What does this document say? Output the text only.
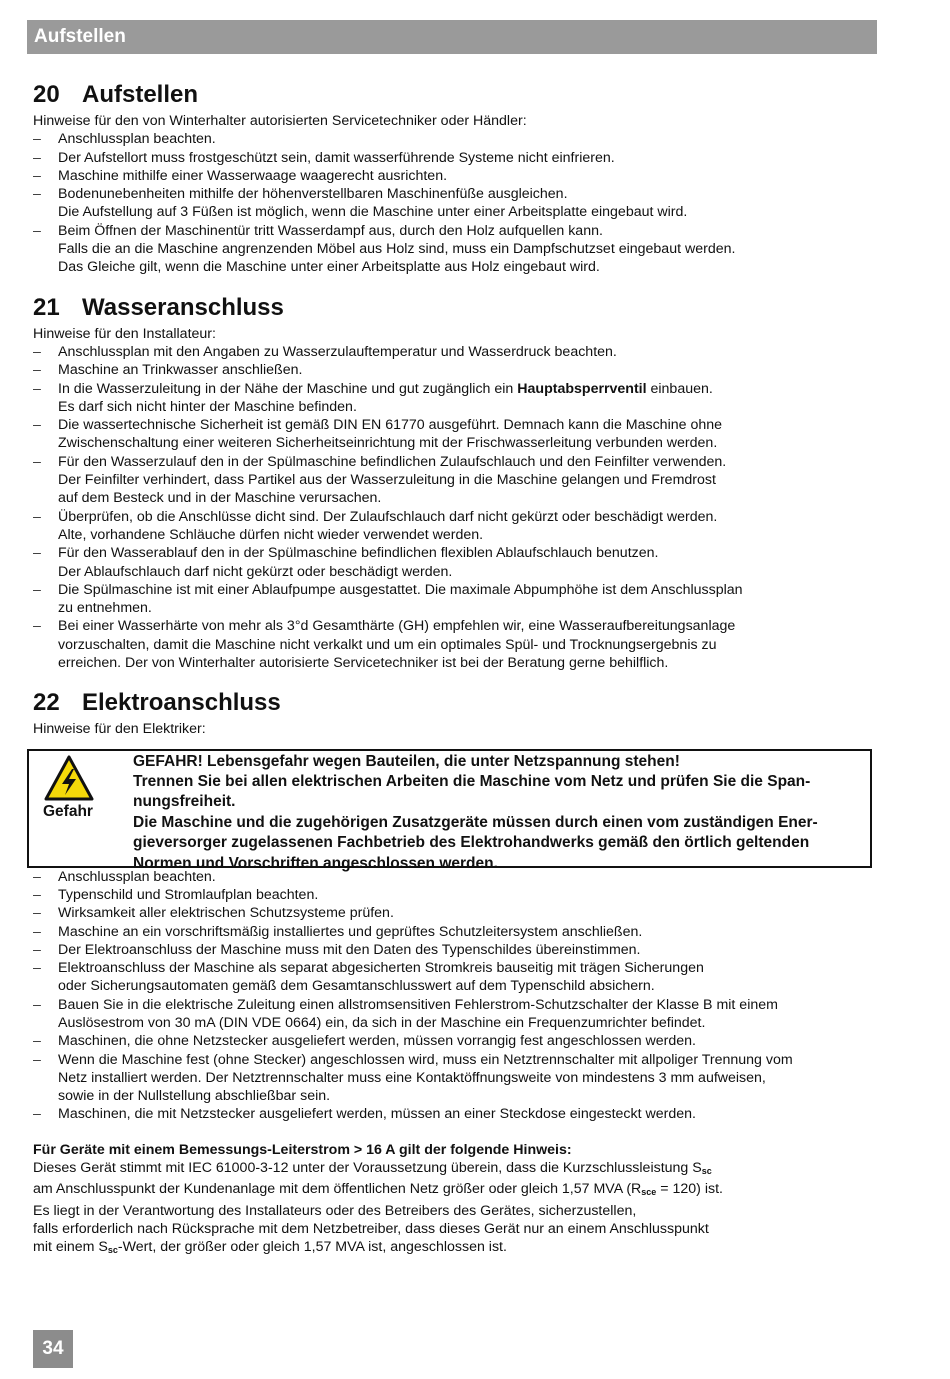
Aufstellen
20 Aufstellen

Hinweise für den von Winterhalter autorisierten Servicetechniker oder Händler:

– Anschlussplan beachten.
– Der Aufstellort muss frostgeschützt sein, damit wasserführende Systeme nicht einfrieren.
– Maschine mithilfe einer Wasserwaage waagerecht ausrichten.
– Bodenunebenheiten mithilfe der höhenverstellbaren Maschinenfüße ausgleichen.
Die Aufstellung auf 3 Füßen ist möglich, wenn die Maschine unter einer Arbeitsplatte eingebaut wird.
– Beim Öffnen der Maschinentür tritt Wasserdampf aus, durch den Holz aufquellen kann.
Falls die an die Maschine angrenzenden Möbel aus Holz sind, muss ein Dampfschutzset eingebaut werden.
Das Gleiche gilt, wenn die Maschine unter einer Arbeitsplatte aus Holz eingebaut wird.
21 Wasseranschluss

Hinweise für den Installateur:

– Anschlussplan mit den Angaben zu Wasserzulauftemperatur und Wasserdruck beachten.
– Maschine an Trinkwasser anschließen.
– In die Wasserzuleitung in der Nähe der Maschine und gut zugänglich ein Hauptabsperrventil einbauen.
Es darf sich nicht hinter der Maschine befinden.
– Die wassertechnische Sicherheit ist gemäß DIN EN 61770 ausgeführt. Demnach kann die Maschine ohne
Zwischenschaltung einer weiteren Sicherheitseinrichtung mit der Frischwasserleitung verbunden werden.
– Für den Wasserzulauf den in der Spülmaschine befindlichen Zulaufschlauch und den Feinfilter verwenden.
Der Feinfilter verhindert, dass Partikel aus der Wasserzuleitung in die Maschine gelangen und Fremdrost
auf dem Besteck und in der Maschine verursachen.
– Überprüfen, ob die Anschlüsse dicht sind. Der Zulaufschlauch darf nicht gekürzt oder beschädigt werden.
Alte, vorhandene Schläuche dürfen nicht wieder verwendet werden.
– Für den Wasserablauf den in der Spülmaschine befindlichen flexiblen Ablaufschlauch benutzen.
Der Ablaufschlauch darf nicht gekürzt oder beschädigt werden.
– Die Spülmaschine ist mit einer Ablaufpumpe ausgestattet. Die maximale Abpumphöhe ist dem Anschlussplan
zu entnehmen.
– Bei einer Wasserhärte von mehr als 3°d Gesamthärte (GH) empfehlen wir, eine Wasseraufbereitungsanlage
vorzuschalten, damit die Maschine nicht verkalkt und um ein optimales Spül- und Trocknungsergebnis zu
erreichen. Der von Winterhalter autorisierte Servicetechniker ist bei der Beratung gerne behilflich.
22 Elektroanschluss

Hinweise für den Elektriker:

Gefahr
GEFAHR! Lebensgefahr wegen Bauteilen, die unter Netzspannung stehen!
Trennen Sie bei allen elektrischen Arbeiten die Maschine vom Netz und prüfen Sie die Span-
nungsfreiheit.
Die Maschine und die zugehörigen Zusatzgeräte müssen durch einen vom zuständigen Ener-
gieversorger zugelassenen Fachbetrieb des Elektrohandwerks gemäß den örtlich geltenden
Normen und Vorschriften angeschlossen werden.
– Anschlussplan beachten.
– Typenschild und Stromlaufplan beachten.
– Wirksamkeit aller elektrischen Schutzsysteme prüfen.
– Maschine an ein vorschriftsmäßig installiertes und geprüftes Schutzleitersystem anschließen.
– Der Elektroanschluss der Maschine muss mit den Daten des Typenschildes übereinstimmen.
– Elektroanschluss der Maschine als separat abgesicherten Stromkreis bauseitig mit trägen Sicherungen
oder Sicherungsautomaten gemäß dem Gesamtanschlusswert auf dem Typenschild absichern.
– Bauen Sie in die elektrische Zuleitung einen allstromsensitiven Fehlerstrom-Schutzschalter der Klasse B mit einem
Auslösestrom von 30 mA (DIN VDE 0664) ein, da sich in der Maschine ein Frequenzumrichter befindet.
– Maschinen, die ohne Netzstecker ausgeliefert werden, müssen vorrangig fest angeschlossen werden.
– Wenn die Maschine fest (ohne Stecker) angeschlossen wird, muss ein Netztrennschalter mit allpoliger Trennung vom
Netz installiert werden. Der Netztrennschalter muss eine Kontaktöffnungsweite von mindestens 3 mm aufweisen,
sowie in der Nullstellung abschließbar sein.
– Maschinen, die mit Netzstecker ausgeliefert werden, müssen an einer Steckdose eingesteckt werden.
Für Geräte mit einem Bemessungs-Leiterstrom > 16 A gilt der folgende Hinweis:
Dieses Gerät stimmt mit IEC 61000-3-12 unter der Voraussetzung überein, dass die Kurzschlussleistung $S_{sc}$
am Anschlusspunkt der Kundenanlage mit dem öffentlichen Netz größer oder gleich 1,57 MVA $(R_{sce} = 120)$ ist.
Es liegt in der Verantwortung des Installateurs oder des Betreibers des Gerätes, sicherzustellen,
falls erforderlich nach Rücksprache mit dem Netzbetreiber, dass dieses Gerät nur an einem Anschlusspunkt
mit einem $S_{sc}$-Wert, der größer oder gleich 1,57 MVA ist, angeschlossen ist.
34
